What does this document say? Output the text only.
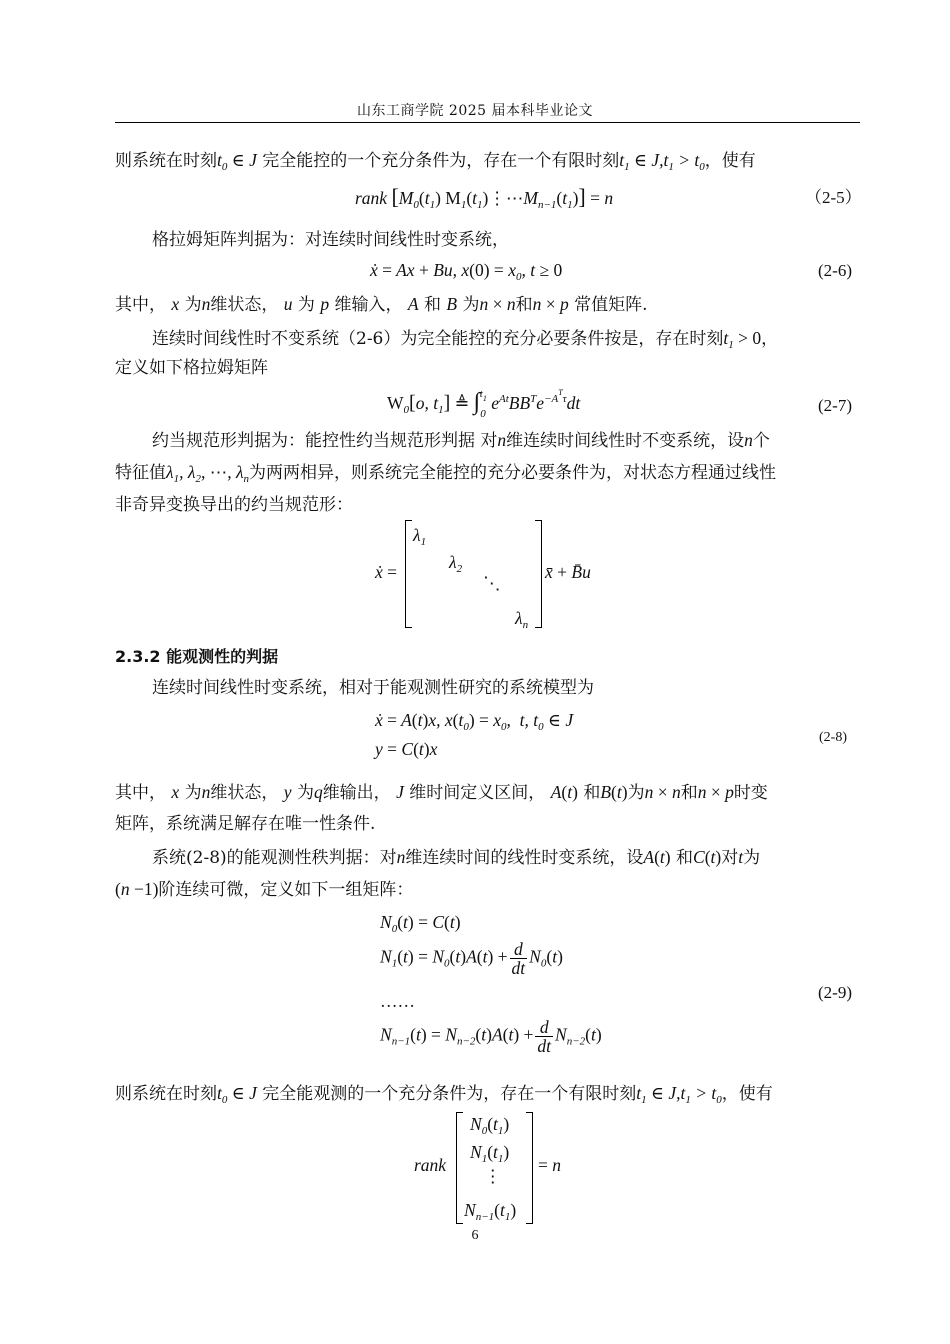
山东工商学院 2025 届本科毕业论文
则系统在时刻$t_0$ ∈ J 完全能控的一个充分条件为，存在一个有限时刻$t_1$ ∈ $J,t_1 > t_0$，使有
rank [$M_0(t_1)$ $M_1(t_1)⋮\cdots M_{n-1}(t_1)] = n$	（2-5）
格拉姆矩阵判据为：对连续时间线性时变系统，
ẋ = Ax + Bu, $x(0) = x_0$, t ≥ 0	(2-6)
其中， x 为n维状态， u 为 p 维输入， A 和 B 为n × n和n × p 常值矩阵.
连续时间线性时不变系统（2-6）为完全能控的充分必要条件按是，存在时刻$t_1 > 0$，
定义如下格拉姆矩阵
$W_0[o$, $t_1$] ≜ $\int_0^{t_1}$ $e^{At}BB^Te^{-A^T\tau}dt$	(2-7)
约当规范形判据为：能控性约当规范形判据 对n维连续时间线性时不变系统，设n个
特征值$\lambda_1$, $\lambda_2$, ⋯, $\lambda_n$为两两相异，则系统完全能控的充分必要条件为，对状态方程通过线性
非奇异变换导出的约当规范形：
ẋ =
$\lambda_1$
$\lambda_2$
⋱
$\lambda_n$
x̄ + B̄u
2.3.2 能观测性的判据
连续时间线性时变系统，相对于能观测性研究的系统模型为
ẋ = A(t)x, $x(t_0) = x_0$,  t, $t_0$ ∈ J
y = C(t)x
(2-8)
其中， x 为n维状态， y 为q维输出， J 维时间定义区间， A(t) 和B(t)为n × n和n × p时变
矩阵，系统满足解存在唯一性条件.
系统(2-8)的能观测性秩判据：对n维连续时间的线性时变系统，设A(t) 和C(t)对t为
(n −1)阶连续可微，定义如下一组矩阵：
$N_0(t) = C(t)$
$N_1(t) = N_0(t)A(t) + \frac{d}{dt} N_0(t)$
……	(2-9)
$N_{n-1}(t) = N_{n-2}(t)A(t) + \frac{d}{dt} N_{n-2}(t)$
则系统在时刻$t_0$ ∈ J 完全能观测的一个充分条件为，存在一个有限时刻$t_1$ ∈ $J,t_1 > t_0$，使有
rank
$N_0(t_1)$
$N_1(t_1)$
⋮
$N_{n-1}(t_1)$
= n
6
